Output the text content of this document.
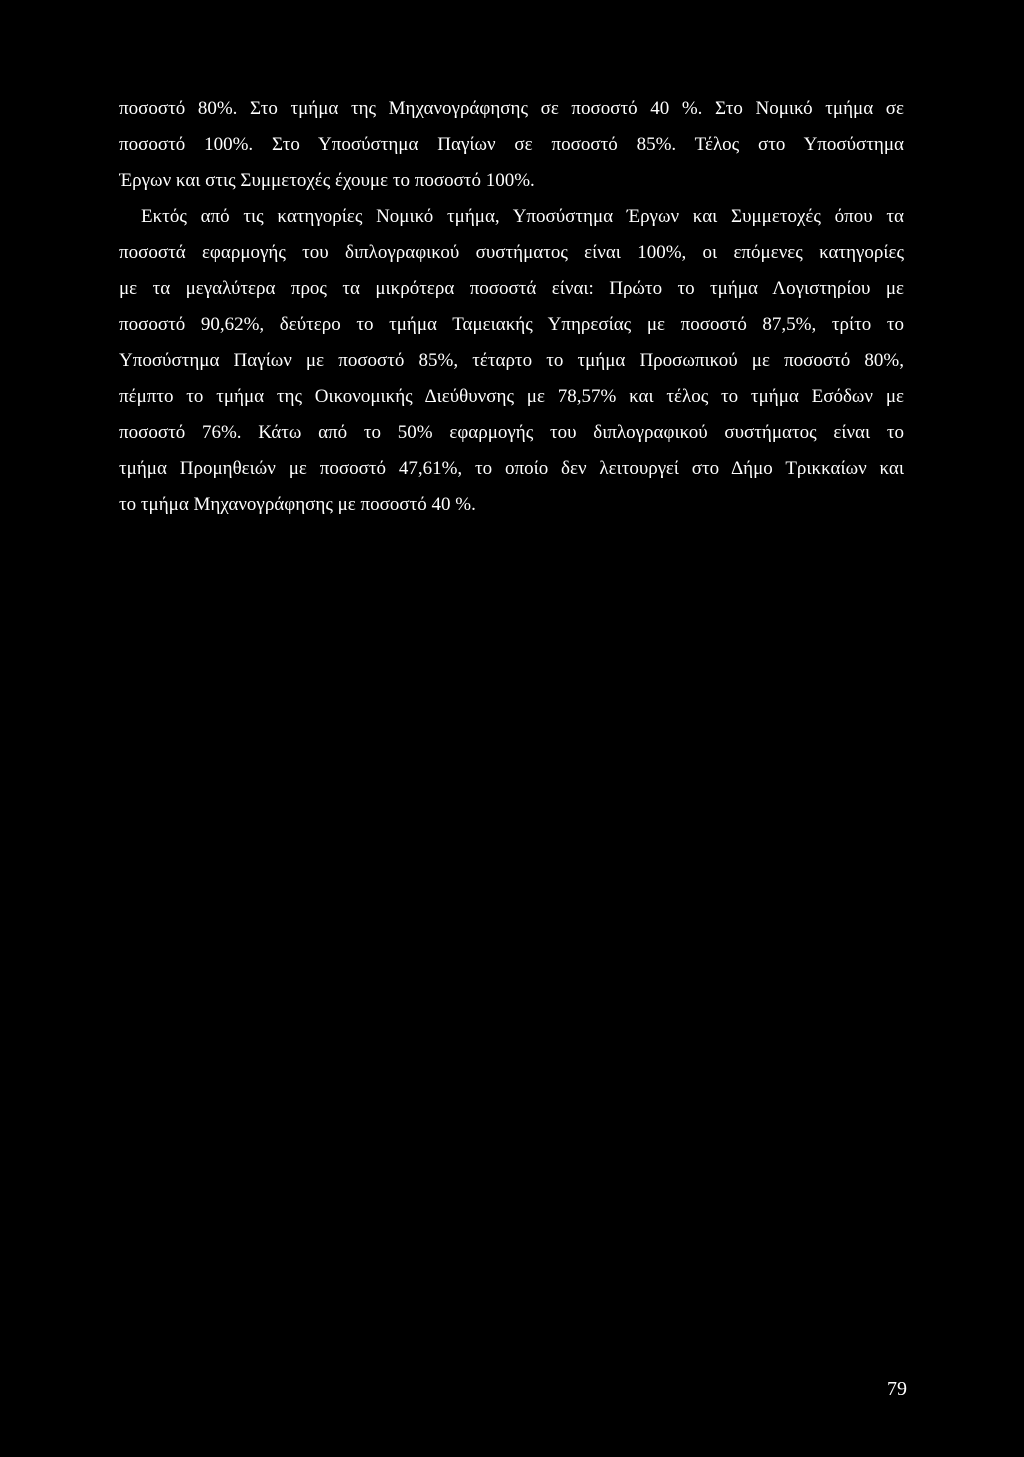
ποσοστό 80%. Στο τμήμα της Μηχανογράφησης σε ποσοστό 40 %. Στο Νομικό τμήμα σε
ποσοστό 100%. Στο Υποσύστημα Παγίων σε ποσοστό 85%. Τέλος στο Υποσύστημα
Έργων και στις Συμμετοχές έχουμε το ποσοστό 100%.
Εκτός από τις κατηγορίες Νομικό τμήμα, Υποσύστημα Έργων και Συμμετοχές όπου τα
ποσοστά εφαρμογής του διπλογραφικού συστήματος είναι 100%, οι επόμενες κατηγορίες
με τα μεγαλύτερα προς τα μικρότερα ποσοστά είναι: Πρώτο το τμήμα Λογιστηρίου με
ποσοστό 90,62%, δεύτερο το τμήμα Ταμειακής Υπηρεσίας με ποσοστό 87,5%, τρίτο το
Υποσύστημα Παγίων με ποσοστό 85%, τέταρτο το τμήμα Προσωπικού με ποσοστό 80%,
πέμπτο το τμήμα της Οικονομικής Διεύθυνσης με 78,57% και τέλος το τμήμα Εσόδων με
ποσοστό 76%. Κάτω από το 50% εφαρμογής του διπλογραφικού συστήματος είναι το
τμήμα Προμηθειών με ποσοστό 47,61%, το οποίο δεν λειτουργεί στο Δήμο Τρικκαίων και
το τμήμα Μηχανογράφησης με ποσοστό 40 %.
79
